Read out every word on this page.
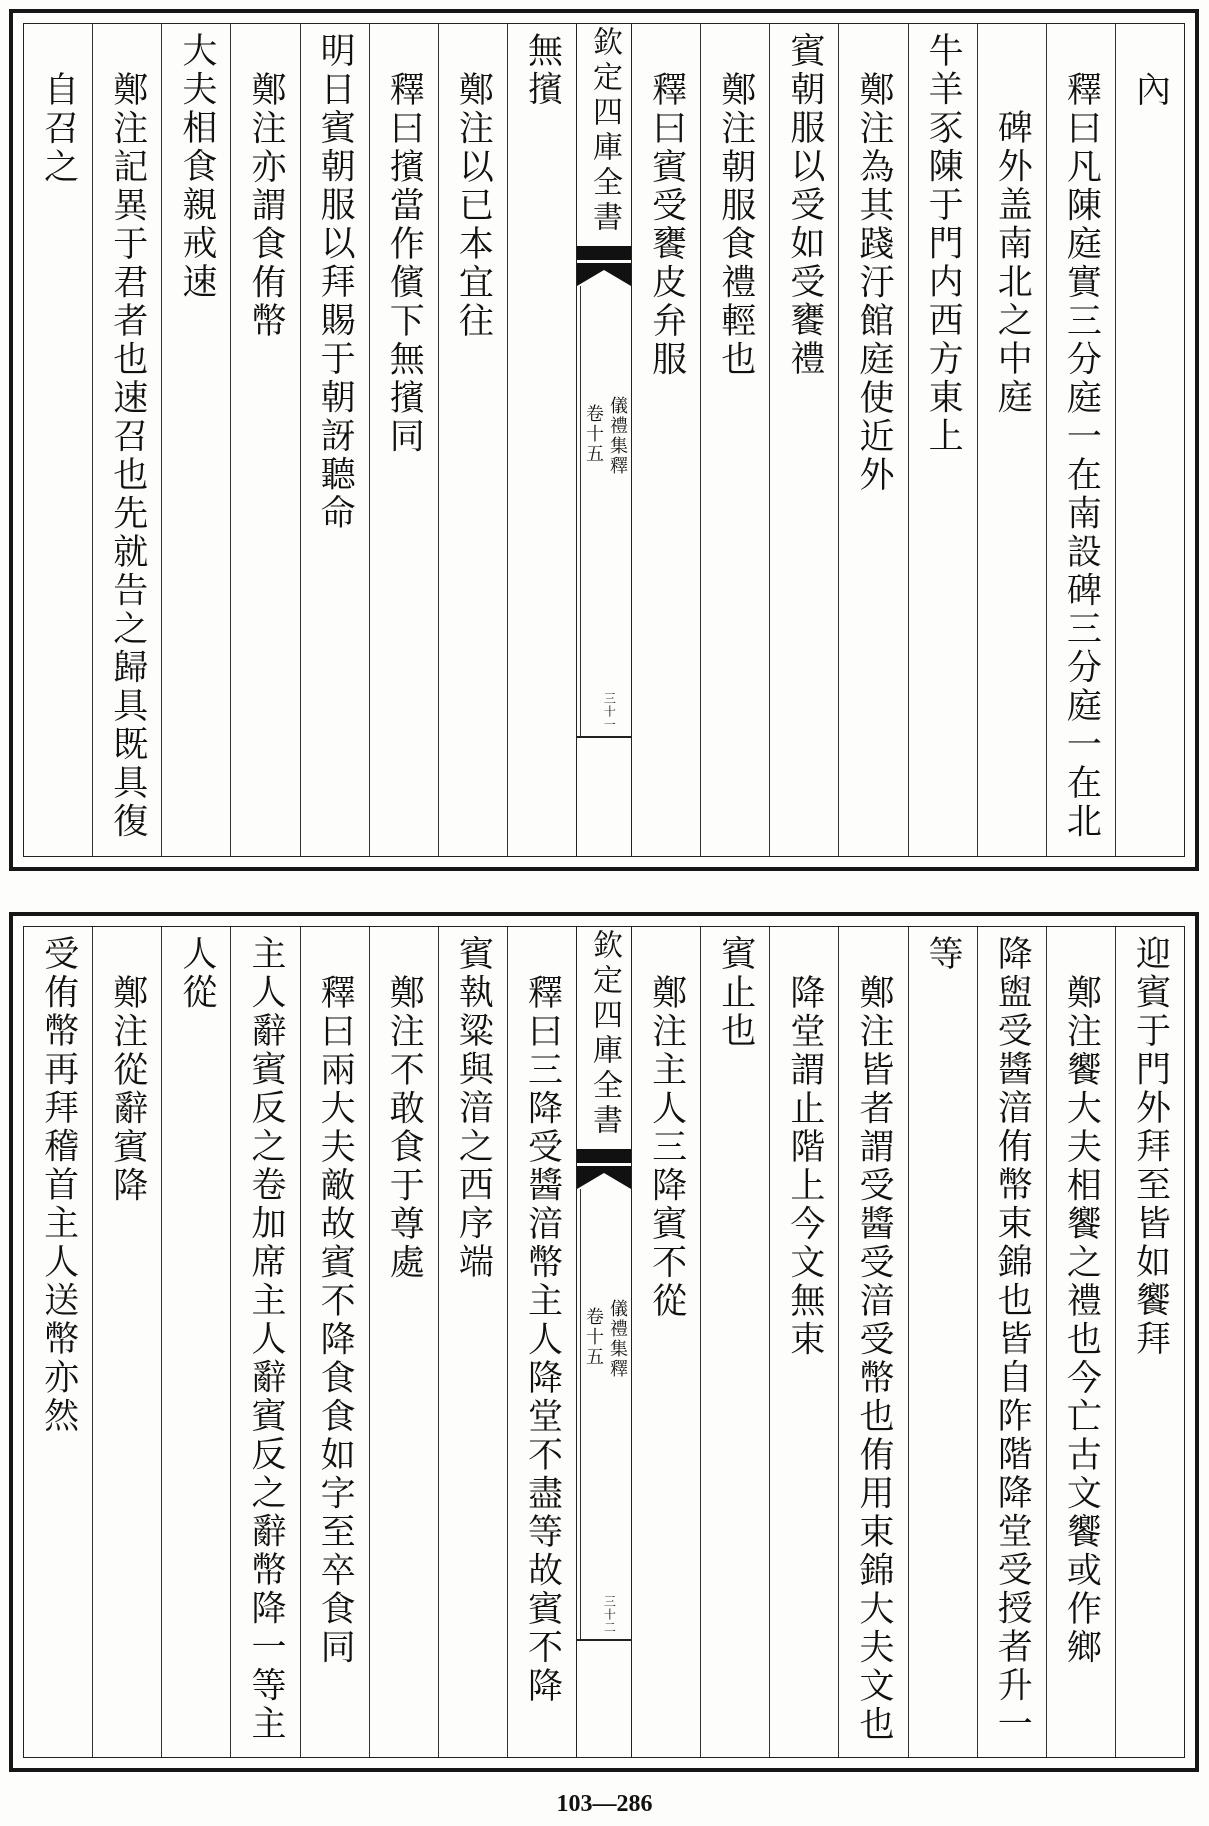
內
釋曰凡陳庭實三分庭一在南設碑三分庭一在北
碑外盖南北之中庭
牛羊豕陳于門内西方東上
鄭注為其踐汙館庭使近外
賓朝服以受如受饔禮
鄭注朝服食禮輕也
釋曰賓受饔皮弁服
欽定四庫全書
儀禮集釋
卷十五
三十一
無擯
鄭注以已本宜往
釋曰擯當作儐下無擯同
明日賓朝服以拜賜于朝訝聽命
鄭注亦謂食侑幣
大夫相食親戒速
鄭注記異于君者也速召也先就告之歸具既具復
自召之
迎賓于門外拜至皆如饗拜
鄭注饗大夫相饗之禮也今亡古文饗或作鄉
降盥受醬湆侑幣束錦也皆自阼階降堂受授者升一
等
鄭注皆者謂受醬受湆受幣也侑用束錦大夫文也
降堂謂止階上今文無束
賓止也
鄭注主人三降賓不從
欽定四庫全書
儀禮集釋
卷十五
三十二
釋曰三降受醬湆幣主人降堂不盡等故賓不降
賓執粱與湆之西序端
鄭注不敢食于尊處
釋曰兩大夫敵故賓不降食食如字至卒食同
主人辭賓反之卷加席主人辭賓反之辭幣降一等主
人從
鄭注從辭賓降
受侑幣再拜稽首主人送幣亦然
103—286
